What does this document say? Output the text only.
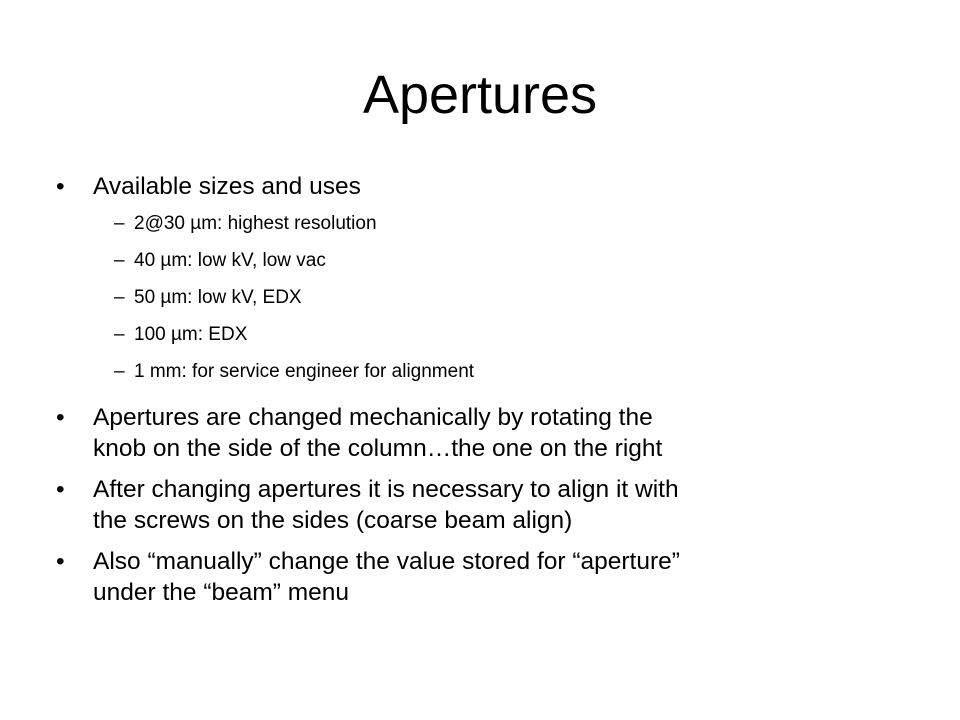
Apertures
• Available sizes and uses
– 2@30 µm: highest resolution
– 40 µm: low kV, low vac
– 50 µm: low kV, EDX
– 100 µm: EDX
– 1 mm: for service engineer for alignment
• Apertures are changed mechanically by rotating the
knob on the side of the column…the one on the right
• After changing apertures it is necessary to align it with
the screws on the sides (coarse beam align)
• Also “manually” change the value stored for “aperture”
under the “beam” menu
